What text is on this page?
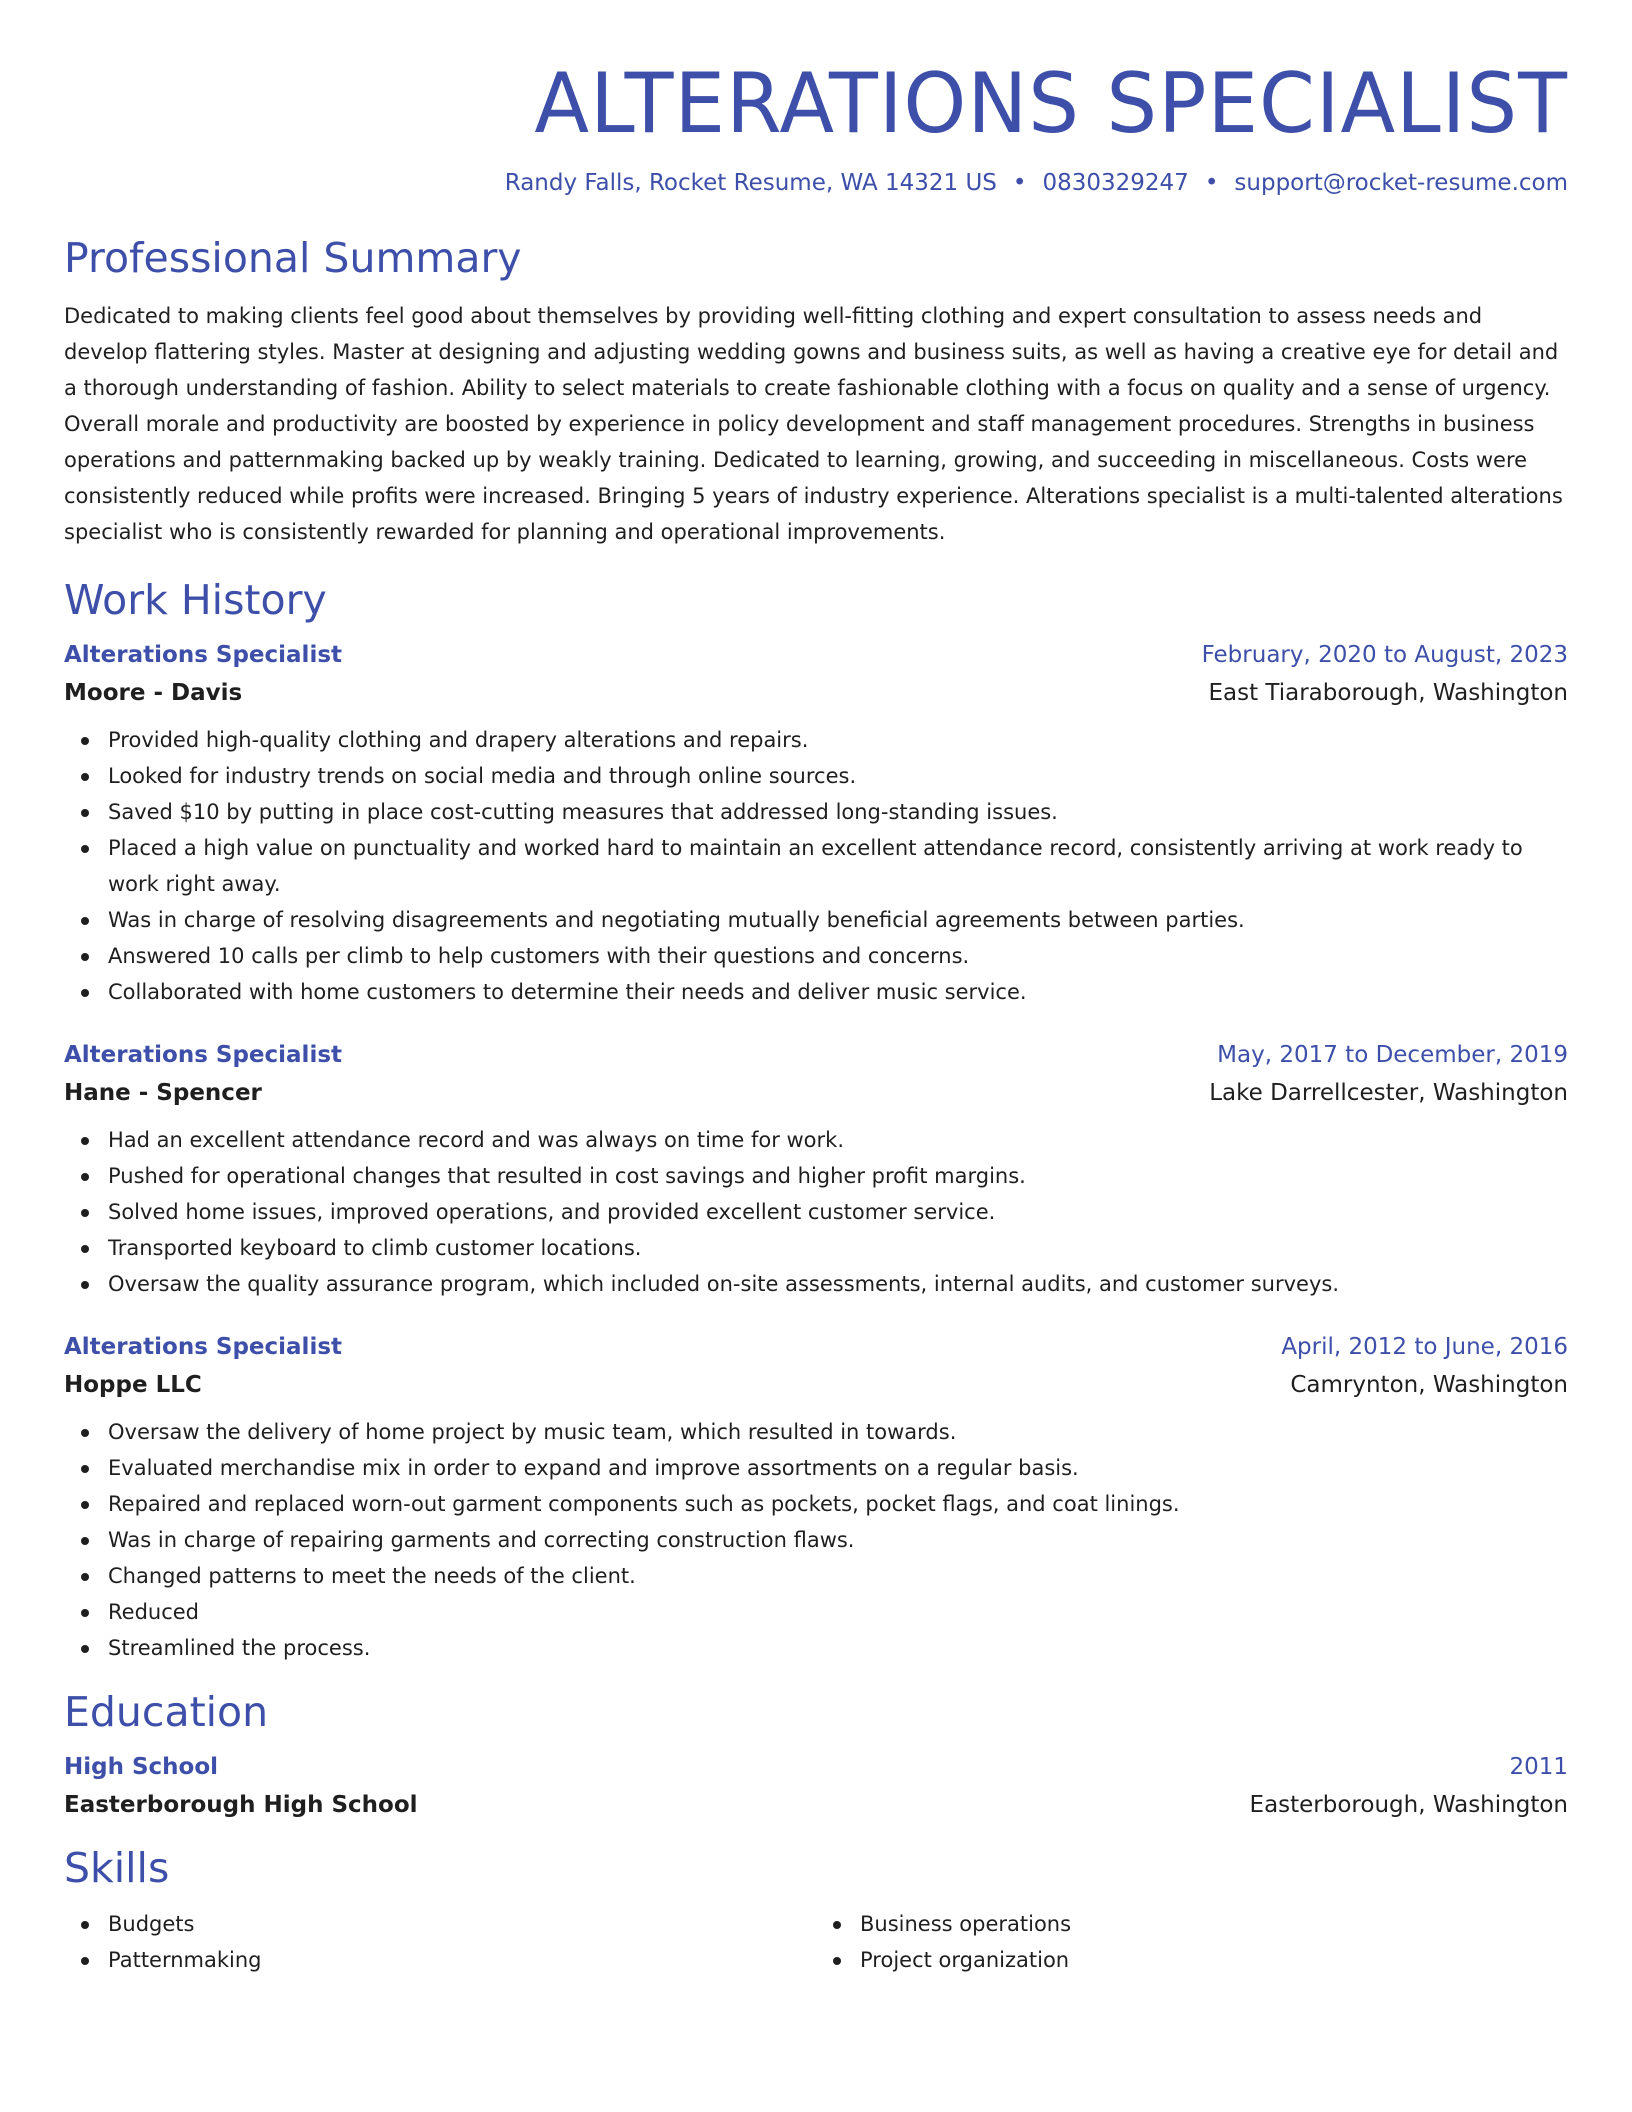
ALTERATIONS SPECIALIST
Randy Falls, Rocket Resume, WA 14321 US • 0830329247 • support@rocket-resume.com
Professional Summary

Dedicated to making clients feel good about themselves by providing well-fitting clothing and expert consultation to assess needs and develop flattering styles. Master at designing and adjusting wedding gowns and business suits, as well as having a creative eye for detail and a thorough understanding of fashion. Ability to select materials to create fashionable clothing with a focus on quality and a sense of urgency. Overall morale and productivity are boosted by experience in policy development and staff management procedures. Strengths in business operations and patternmaking backed up by weakly training. Dedicated to learning, growing, and succeeding in miscellaneous. Costs were consistently reduced while profits were increased. Bringing 5 years of industry experience. Alterations specialist is a multi-talented alterations specialist who is consistently rewarded for planning and operational improvements.

Work History
Alterations Specialist	February, 2020 to August, 2023
Moore - Davis	East Tiaraborough, Washington
Provided high-quality clothing and drapery alterations and repairs.
Looked for industry trends on social media and through online sources.
Saved $10 by putting in place cost-cutting measures that addressed long-standing issues.
Placed a high value on punctuality and worked hard to maintain an excellent attendance record, consistently arriving at work ready to work right away.
Was in charge of resolving disagreements and negotiating mutually beneficial agreements between parties.
Answered 10 calls per climb to help customers with their questions and concerns.
Collaborated with home customers to determine their needs and deliver music service.
Alterations Specialist	May, 2017 to December, 2019
Hane - Spencer	Lake Darrellcester, Washington
Had an excellent attendance record and was always on time for work.
Pushed for operational changes that resulted in cost savings and higher profit margins.
Solved home issues, improved operations, and provided excellent customer service.
Transported keyboard to climb customer locations.
Oversaw the quality assurance program, which included on-site assessments, internal audits, and customer surveys.
Alterations Specialist	April, 2012 to June, 2016
Hoppe LLC	Camrynton, Washington
Oversaw the delivery of home project by music team, which resulted in towards.
Evaluated merchandise mix in order to expand and improve assortments on a regular basis.
Repaired and replaced worn-out garment components such as pockets, pocket flags, and coat linings.
Was in charge of repairing garments and correcting construction flaws.
Changed patterns to meet the needs of the client.
Reduced
Streamlined the process.
Education
High School	2011
Easterborough High School	Easterborough, Washington
Skills
Budgets
Patternmaking
Business operations
Project organization
